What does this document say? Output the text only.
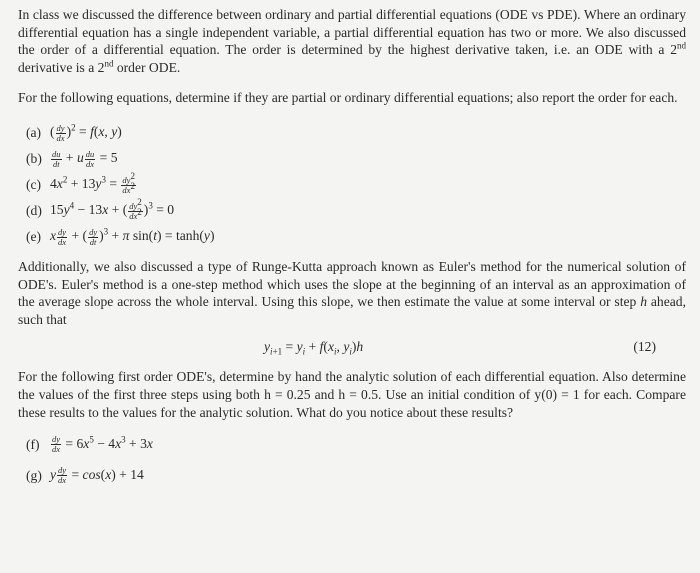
In class we discussed the difference between ordinary and partial differential equations (ODE vs PDE). Where an ordinary differential equation has a single independent variable, a partial differential equation has two or more. We also discussed the order of a differential equation. The order is determined by the highest derivative taken, i.e. an ODE with a 2nd derivative is a 2nd order ODE.

For the following equations, determine if they are partial or ordinary differential equations; also report the order for each.

(a) ( $\frac{dy}{dx} )^2 = f(x$, y)
(b)	$\frac{du}{dt} + u \frac{du}{dx} = 5$
(c) $4x^2 + 13y^3 = \frac{dy^2}{dx^2}$
(d) $15y^4 - 13x$ + ( $\frac{dy^2}{dx^2} )^3 = 0$
(e) x $\frac{dy}{dx}$ + ( $\frac{dy}{dt} )^3 + \pi$ sin(t) = tanh(y)

Additionally, we also discussed a type of Runge-Kutta approach known as Euler's method for the numerical solution of ODE's. Euler's method is a one-step method which uses the slope at the beginning of an interval as an approximation of the average slope across the whole interval. Using this slope, we then estimate the value at some interval or step h ahead, such that

$y_{i+1} = y_i + f(x_i$, $y_i)h$	(12)

For the following first order ODE's, determine by hand the analytic solution of each differential equation. Also determine the values of the first three steps using both h = 0.25 and h = 0.5. Use an initial condition of y(0) = 1 for each. Compare these results to the values for the analytic solution. What do you notice about these results?

(f)	$\frac{dy}{dx} = 6x^5 - 4x^3 + 3x$
(g) y $\frac{dy}{dx} = \cos(x) + 14$
